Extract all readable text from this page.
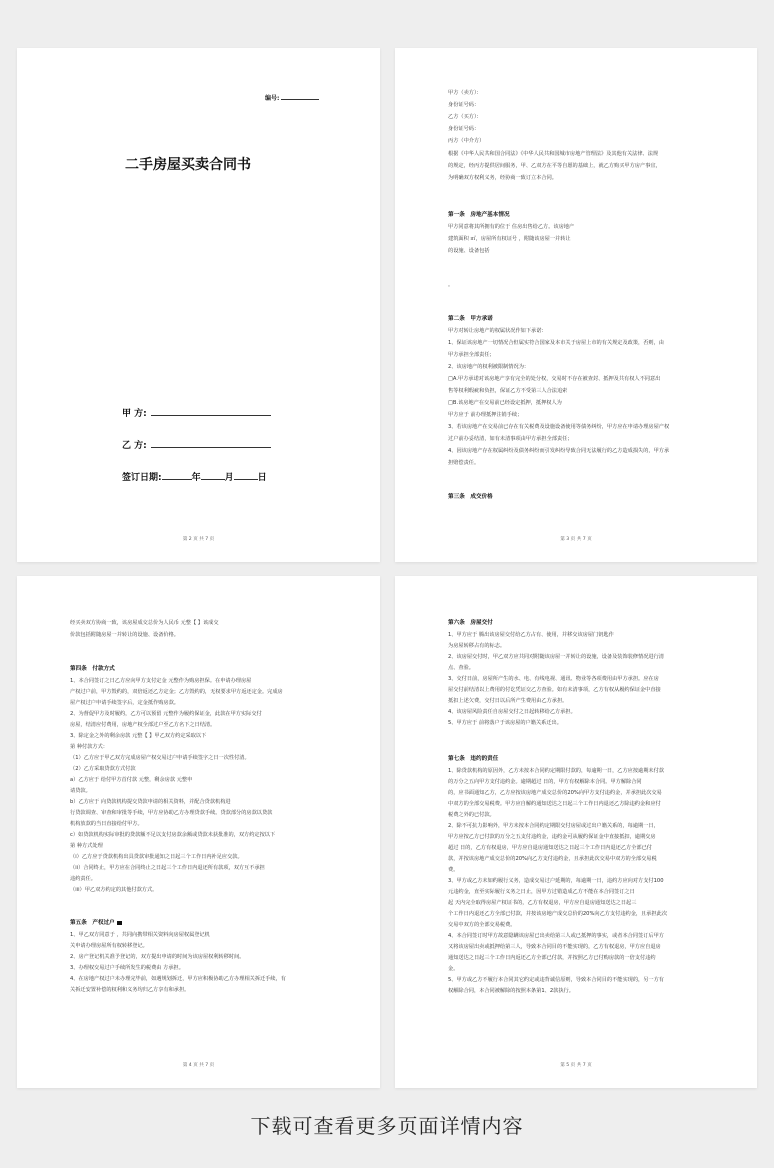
编号:
二手房屋买卖合同书
甲 方:
乙 方:
签订日期:	年	月	日
第 2 页 共 7 页
甲方（卖方）：
身份证号码：
乙方（买方）：
身份证号码：
丙方（中介方）
根据《中华人民共和国合同法》《中华人民共和国城市房地产管理法》及其他有关法律、法规
的规定，经丙方提供居间服务，甲、乙双方在平等自愿的基础上，就乙方购买甲方房产事宜，
为明确双方权利义务，经协商一致订立本合同。
第一条　房地产基本情况
甲方同意将其所拥有的位于 住房出售给乙方。该房地产
建筑面积 ㎡，房屋所有权证号 ，附随该房屋一并转让
的设施、设备包括
。
第二条　甲方承诺
甲方对转让房地产的权属状况作如下承诺：
1、保证该房地产一切情况合但属实符合国家及本市关于房屋上市的有关规定及政策，否则，由
甲方承担全部责任；
2、该房地产的权利被限制情况为：
□A.甲方承诺对该房地产享有完全的处分权，交易时不存在被查封、抵押及共有权人不同意出
售等权利瑕疵和负担，保证乙方不受第三人合法追索
□B.该房地产在交易前已经设定抵押，抵押权人为
甲方应于 前办理抵押注销手续；
3、若该房地产在交易前已存在有关税费及设施设备使用等债务纠纷，甲方应在申请办理房屋产权
过户前办妥结清，如有未清事项由甲方承担全部责任；
4、因该房地产存在权属纠纷及债务纠纷而引发纠纷导致合同无法履行的乙方造成损失的，甲方承
担赔偿责任。
第三条　成交价格
第 3 页 共 7 页
经买卖双方协商一致，该房屋成交总价为人民币 元整【 】该成交
价款包括附随房屋一并转让的设施、设备价格。
第四条　付款方式
1、本合同签订之日乙方应向甲方支付定金 元整作为购房担保。在申请办理房屋
产权过户前，甲方毁约的，双倍返还乙方定金；乙方毁约的，无权要求甲方返还定金。完成房
屋产权过户申请手续签字后，定金抵作购房款。
2、为督促甲方及时履约，乙方可以预留 元整作为履约保证金，此款在甲方实际交付
房屋，结清应付费用，房地产权全部过户至乙方名下之日结清。
3、除定金之外的剩余房款 元整【 】甲乙双方约定采取以下
第 种付款方式：
（1）乙方应于甲乙双方完成房屋产权交易过户申请手续签字之日一次性付清。
（2）乙方采取贷款方式付款
a）乙方应于 给付甲方首付款 元整，剩余房款 元整申
请贷款。
b）乙方应于 向贷款机构提交贷款申请的相关资料，并配合贷款机构进
行贷款调查、审查和审批等手续，甲方应协助乙方办理贷款手续。贷款部分的房款以贷款
机构放款的当日直接给付甲方。
c）如贷款机构实际审批的贷款额不足以支付房款余额或贷款未获批准的，双方约定按以下
第 种方式处理
（i）乙方应于贷款机构出具贷款审批通知之日起三个工作日内补足应交款。
（ii）合同终止，甲方应在合同终止之日起三个工作日内退还所有款项，双方互不承担
违约责任。
（iii）甲乙双方约定的其他付款方式。
第五条　产权过户
1、甲乙双方同意于 ，共同向携带相关资料向房屋权属登记机
关申请办理房屋所有权转移登记。
2、房产登记机关准予登记的，双方提出申请的时间为该房屋权利转移时间。
3、办理权交易过户手续所发生的税费由 方承担。
4、在房地产权过户未办理完毕前，如遇规划拆迁，甲方应积极协助乙方办理相关拆迁手续，有
关拆迁安置补偿的权利和义务均归乙方享有和承担。
第 4 页 共 7 页
第六条　房屋交付
1、甲方应于 腾出该房屋交付给乙方占有、使用，并移交该房屋门钥匙作
为房屋转移占有的标志。
2、该房屋交付时，甲乙双方应共同对附随该房屋一并转让的设施，设备及装饰装修情况进行清
点、查验。
3、交付日前，房屋所产生的水、电、有线电视、通讯、物业等各项费用由甲方承担。应在房
屋交付前结清以上费用的付讫凭证交乙方查验。如有未清事项，乙方有权从履约保证金中直接
抵扣上述欠费，交付日以后所产生费用由乙方承担。
4、该房屋风险责任自房屋交付之日起转移给乙方承担。
5、甲方应于 前将落户于该房屋的户籍关系迁出。
第七条　违约的责任
1、除贷款机构的原因外，乙方未按本合同约定期限付款的，每逾期一日，乙方应按逾期未付款
的万分之五向甲方支付违约金。逾期超过 日的，甲方有权解除本合同。甲方解除合同
的，应书面通知乙方，乙方应按该房地产成交总价的20%向甲方支付违约金，并承担此次交易
中双方的全部交易税费。甲方应自解约通知送达之日起三个工作日内退还乙方除违约金和应付
税费之外的已付款。
2、除不可抗力影响外，甲方未按本合同约定期限交付房屋或过出户籍关系的，每逾期一日，
甲方应按乙方已付款的万分之五支付违约金，违约金可从履约保证金中直接抵扣，逾期交房
超过 日的，乙方有权退房，甲方应自退房通知送达之日起三个工作日内退还乙方全部已付
款，并按该房地产成交总价的20%向乙方支付违约金，且承担此次交易中双方的全部交易税
费。
3、甲方或乙方未如约履行义务，造成交易过户延期的，每逾期一日，违约方应向对方支付100
元违约金，直至实际履行义务之日止，因甲方过错造成乙方不能在本合同签订之日
起 天内完全取得房屋产权证书的，乙方有权退房，甲方应自退房通知送达之日起三
个工作日内退还乙方全部已付款，并按该房地产成交总价的20%向乙方支付违约金，且承担此次
交易中双方的全部交易税费。
4、本合同签订时甲方故意隐瞒该房屋已出卖给第三人或已抵押的事实，或者本合同签订后甲方
又将该房屋出卖或抵押给第三人，导致本合同目的不能实现的，乙方有权退房，甲方应自退房
通知送达之日起三个工作日内返还乙方全部已付款，并按照乙方已付购房款的一倍支付违约
金。
5、甲方或乙方不履行本合同其它约定或违背诚信原则，导致本合同目的不能实现的，另一方有
权解除合同，本合同被解除的按照本条第1、2款执行。
第 5 页 共 7 页
下载可查看更多页面详情内容
